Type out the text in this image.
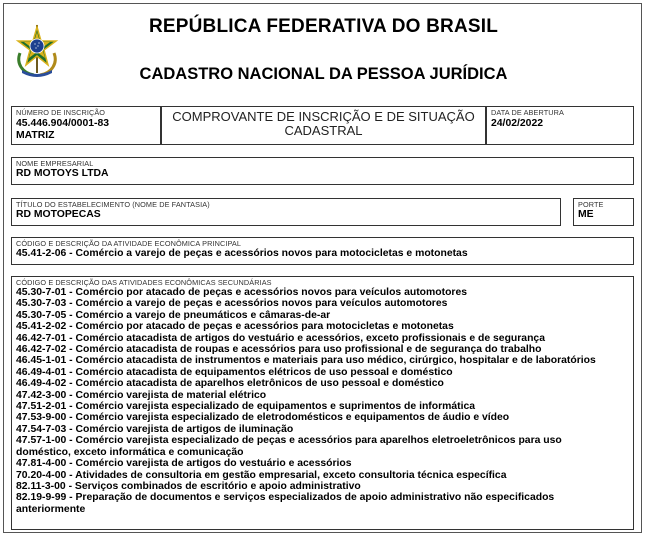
REPÚBLICA FEDERATIVA DO BRASIL
CADASTRO NACIONAL DA PESSOA JURÍDICA
NÚMERO DE INSCRIÇÃO
45.446.904/0001-83
MATRIZ
COMPROVANTE DE INSCRIÇÃO E DE SITUAÇÃO
CADASTRAL
DATA DE ABERTURA
24/02/2022
NOME EMPRESARIAL
RD MOTOYS LTDA
TÍTULO DO ESTABELECIMENTO (NOME DE FANTASIA)
RD MOTOPECAS
PORTE
ME
CÓDIGO E DESCRIÇÃO DA ATIVIDADE ECONÔMICA PRINCIPAL
45.41-2-06 - Comércio a varejo de peças e acessórios novos para motocicletas e motonetas
CÓDIGO E DESCRIÇÃO DAS ATIVIDADES ECONÔMICAS SECUNDÁRIAS
45.30-7-01 - Comércio por atacado de peças e acessórios novos para veículos automotores
45.30-7-03 - Comércio a varejo de peças e acessórios novos para veículos automotores
45.30-7-05 - Comércio a varejo de pneumáticos e câmaras-de-ar
45.41-2-02 - Comércio por atacado de peças e acessórios para motocicletas e motonetas
46.42-7-01 - Comércio atacadista de artigos do vestuário e acessórios, exceto profissionais e de segurança
46.42-7-02 - Comércio atacadista de roupas e acessórios para uso profissional e de segurança do trabalho
46.45-1-01 - Comércio atacadista de instrumentos e materiais para uso médico, cirúrgico, hospitalar e de laboratórios
46.49-4-01 - Comércio atacadista de equipamentos elétricos de uso pessoal e doméstico
46.49-4-02 - Comércio atacadista de aparelhos eletrônicos de uso pessoal e doméstico
47.42-3-00 - Comércio varejista de material elétrico
47.51-2-01 - Comércio varejista especializado de equipamentos e suprimentos de informática
47.53-9-00 - Comércio varejista especializado de eletrodomésticos e equipamentos de áudio e vídeo
47.54-7-03 - Comércio varejista de artigos de iluminação
47.57-1-00 - Comércio varejista especializado de peças e acessórios para aparelhos eletroeletrônicos para uso
doméstico, exceto informática e comunicação
47.81-4-00 - Comércio varejista de artigos do vestuário e acessórios
70.20-4-00 - Atividades de consultoria em gestão empresarial, exceto consultoria técnica específica
82.11-3-00 - Serviços combinados de escritório e apoio administrativo
82.19-9-99 - Preparação de documentos e serviços especializados de apoio administrativo não especificados
anteriormente
